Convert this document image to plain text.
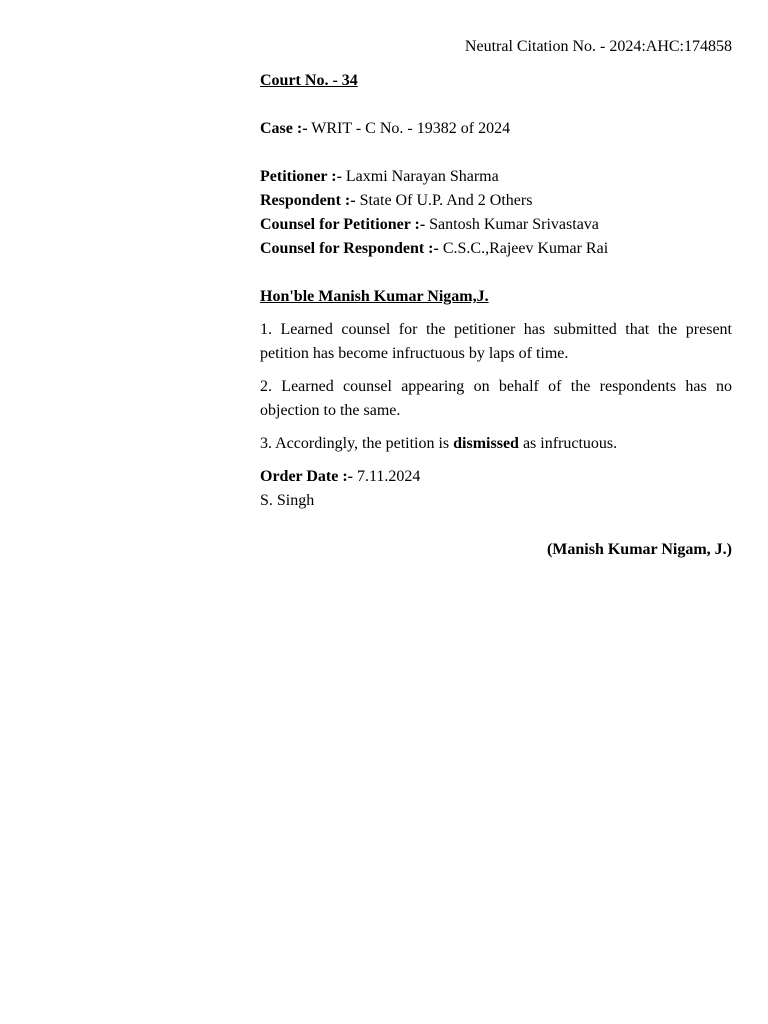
Neutral Citation No. - 2024:AHC:174858
Court No. - 34
Case :- WRIT - C No. - 19382 of 2024
Petitioner :- Laxmi Narayan Sharma
Respondent :- State Of U.P. And 2 Others
Counsel for Petitioner :- Santosh Kumar Srivastava
Counsel for Respondent :- C.S.C.,Rajeev Kumar Rai
Hon'ble Manish Kumar Nigam,J.

1. Learned counsel for the petitioner has submitted that the present petition has become infructuous by laps of time.

2. Learned counsel appearing on behalf of the respondents has no objection to the same.

3. Accordingly, the petition is dismissed as infructuous.

Order Date :- 7.11.2024
S. Singh
(Manish Kumar Nigam, J.)
